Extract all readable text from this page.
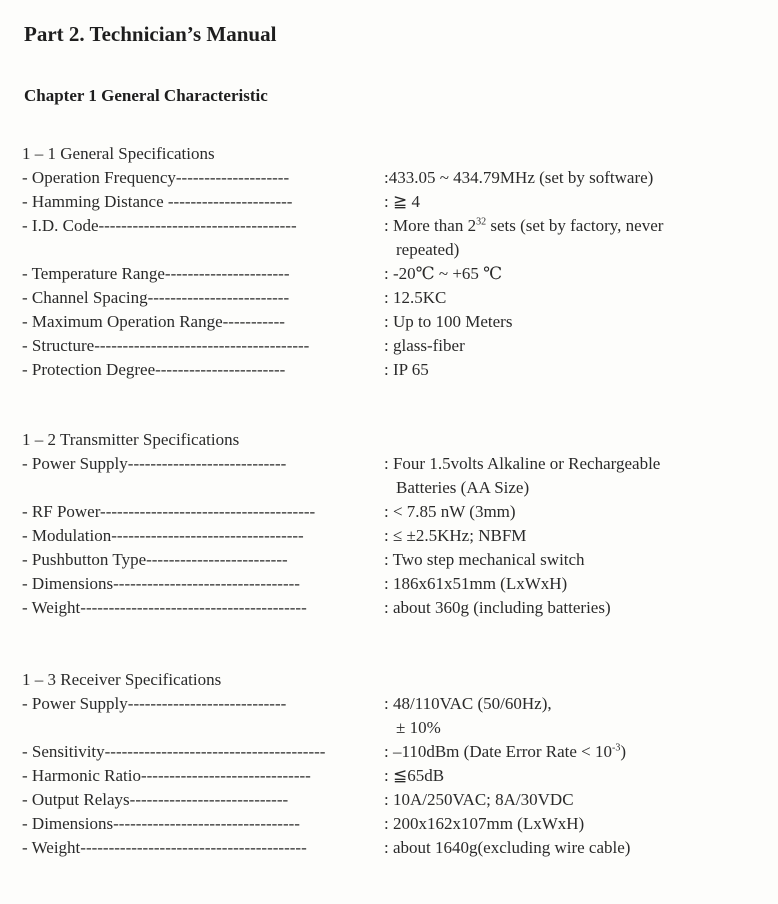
Part 2. Technician’s Manual
Chapter 1 General Characteristic
1 – 1 General Specifications
- Operation Frequency--------------------	:433.05 ~ 434.79MHz (set by software)
- Hamming Distance ----------------------	: ≧ 4
- I.D. Code-----------------------------------	: More than $2^{32}$ sets (set by factory, never
repeated)
- Temperature Range----------------------	: -20℃ ~ +65 ℃
- Channel Spacing-------------------------	: 12.5KC
- Maximum Operation Range-----------	: Up to 100 Meters
- Structure--------------------------------------	: glass-fiber
- Protection Degree-----------------------	: IP 65
1 – 2 Transmitter Specifications
- Power Supply----------------------------	: Four 1.5volts Alkaline or Rechargeable
Batteries (AA Size)
- RF Power--------------------------------------	: < 7.85 nW (3mm)
- Modulation----------------------------------	: ≤ ±2.5KHz; NBFM
- Pushbutton Type-------------------------	: Two step mechanical switch
- Dimensions---------------------------------	: 186x61x51mm (LxWxH)
- Weight----------------------------------------	: about 360g (including batteries)
1 – 3 Receiver Specifications
- Power Supply----------------------------	: 48/110VAC (50/60Hz),
± 10%
- Sensitivity---------------------------------------	: –110dBm (Date Error Rate < $10^{-3}$)
- Harmonic Ratio------------------------------	: ≦65dB
- Output Relays----------------------------	: 10A/250VAC; 8A/30VDC
- Dimensions---------------------------------	: 200x162x107mm (LxWxH)
- Weight----------------------------------------	: about 1640g(excluding wire cable)
